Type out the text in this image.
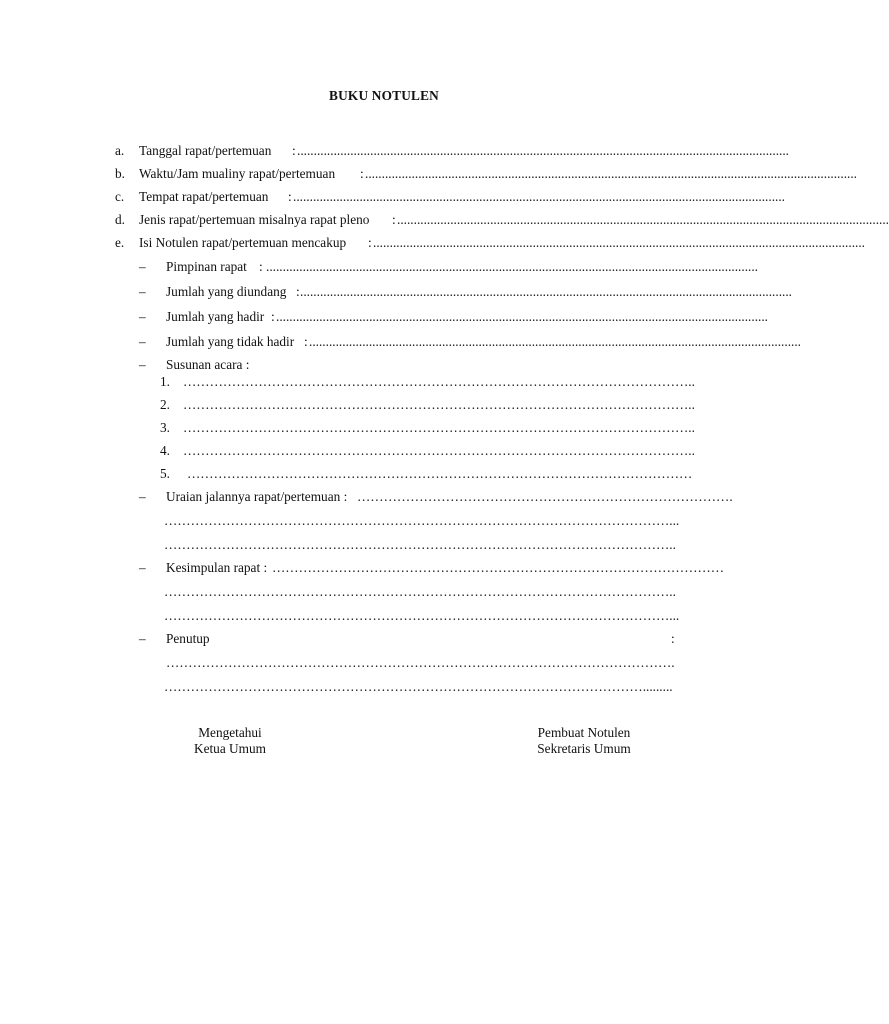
BUKU NOTULEN
a. Tanggal rapat/pertemuan : ....................................................................................................................................................
b. Waktu/Jam mualiny rapat/pertemuan : ....................................................................................................................................................
c. Tempat rapat/pertemuan : ....................................................................................................................................................
d. Jenis rapat/pertemuan misalnya rapat pleno : ....................................................................................................................................................
e. Isi Notulen rapat/pertemuan mencakup : ....................................................................................................................................................
– Pimpinan rapat : ....................................................................................................................................................
– Jumlah yang diundang : ....................................................................................................................................................
– Jumlah yang hadir : ....................................................................................................................................................
– Jumlah yang tidak hadir : ....................................................................................................................................................
– Susunan acara :
1. ……………………………………………………………………………………………………..
2. ……………………………………………………………………………………………………..
3. ……………………………………………………………………………………………………..
4. ……………………………………………………………………………………………………..
5. ……………………………………………………………………………………………………
– Uraian jalannya rapat/pertemuan : ………………………………………………………………………….
……………………………………………………………………………………………………...
……………………………………………………………………………………………………..
– Kesimpulan rapat : …………………………………………………………………………………………
……………………………………………………………………………………………………..
……………………………………………………………………………………………………...
– Penutup	:
…………………………………………………………………………………………………….
……………………………………………………………………………………………….........
Mengetahui
Ketua Umum
Pembuat Notulen
Sekretaris Umum
